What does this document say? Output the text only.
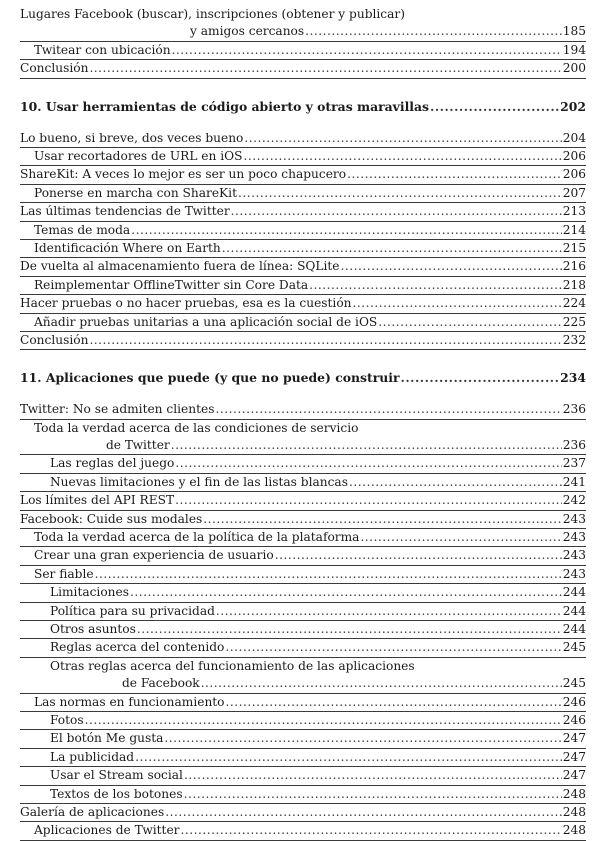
Lugares Facebook (buscar), inscripciones (obtener y publicar)
y amigos cercanos .....	185
Twitear con ubicación .....	194
Conclusión .....	200
10. Usar herramientas de código abierto y otras maravillas .....	202
Lo bueno, si breve, dos veces bueno .....	204
Usar recortadores de URL en iOS .....	206
ShareKit: A veces lo mejor es ser un poco chapucero .....	206
Ponerse en marcha con ShareKit .....	207
Las últimas tendencias de Twitter .....	213
Temas de moda .....	214
Identificación Where on Earth .....	215
De vuelta al almacenamiento fuera de línea: SQLite .....	216
Reimplementar OfflineTwitter sin Core Data .....	218
Hacer pruebas o no hacer pruebas, esa es la cuestión .....	224
Añadir pruebas unitarias a una aplicación social de iOS .....	225
Conclusión .....	232
11. Aplicaciones que puede (y que no puede) construir .....	234
Twitter: No se admiten clientes .....	236
Toda la verdad acerca de las condiciones de servicio
de Twitter .....	236
Las reglas del juego .....	237
Nuevas limitaciones y el fin de las listas blancas .....	241
Los límites del API REST .....	242
Facebook: Cuide sus modales .....	243
Toda la verdad acerca de la política de la plataforma .....	243
Crear una gran experiencia de usuario .....	243
Ser fiable .....	243
Limitaciones .....	244
Política para su privacidad .....	244
Otros asuntos .....	244
Reglas acerca del contenido .....	245
Otras reglas acerca del funcionamiento de las aplicaciones
de Facebook .....	245
Las normas en funcionamiento .....	246
Fotos .....	246
El botón Me gusta .....	247
La publicidad .....	247
Usar el Stream social .....	247
Textos de los botones .....	248
Galería de aplicaciones .....	248
Aplicaciones de Twitter .....	248
